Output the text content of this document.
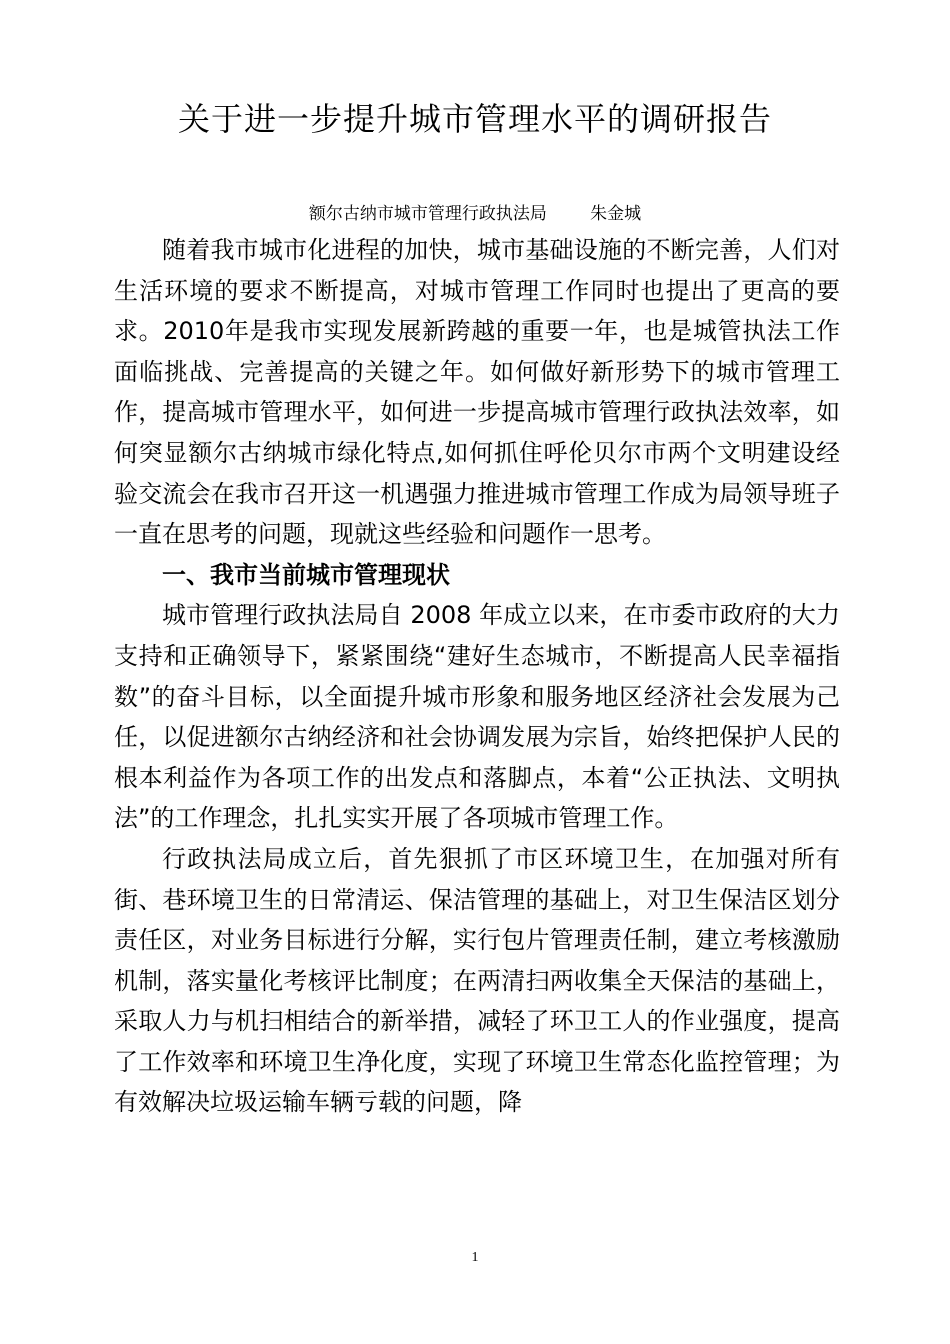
关于进一步提升城市管理水平的调研报告
额尔古纳市城市管理行政执法局        朱金城

随着我市城市化进程的加快，城市基础设施的不断完善，人们对生活环境的要求不断提高，对城市管理工作同时也提出了更高的要求。2010年是我市实现发展新跨越的重要一年，也是城管执法工作面临挑战、完善提高的关键之年。如何做好新形势下的城市管理工作，提高城市管理水平，如何进一步提高城市管理行政执法效率，如何突显额尔古纳城市绿化特点,如何抓住呼伦贝尔市两个文明建设经验交流会在我市召开这一机遇强力推进城市管理工作成为局领导班子一直在思考的问题，现就这些经验和问题作一思考。

一、我市当前城市管理现状

城市管理行政执法局自 2008 年成立以来，在市委市政府的大力支持和正确领导下，紧紧围绕“建好生态城市，不断提高人民幸福指数”的奋斗目标，以全面提升城市形象和服务地区经济社会发展为己任，以促进额尔古纳经济和社会协调发展为宗旨，始终把保护人民的根本利益作为各项工作的出发点和落脚点，本着“公正执法、文明执法”的工作理念，扎扎实实开展了各项城市管理工作。

行政执法局成立后，首先狠抓了市区环境卫生，在加强对所有街、巷环境卫生的日常清运、保洁管理的基础上，对卫生保洁区划分责任区，对业务目标进行分解，实行包片管理责任制，建立考核激励机制，落实量化考核评比制度；在两清扫两收集全天保洁的基础上，采取人力与机扫相结合的新举措，减轻了环卫工人的作业强度，提高了工作效率和环境卫生净化度，实现了环境卫生常态化监控管理；为有效解决垃圾运输车辆亏载的问题，降

1
